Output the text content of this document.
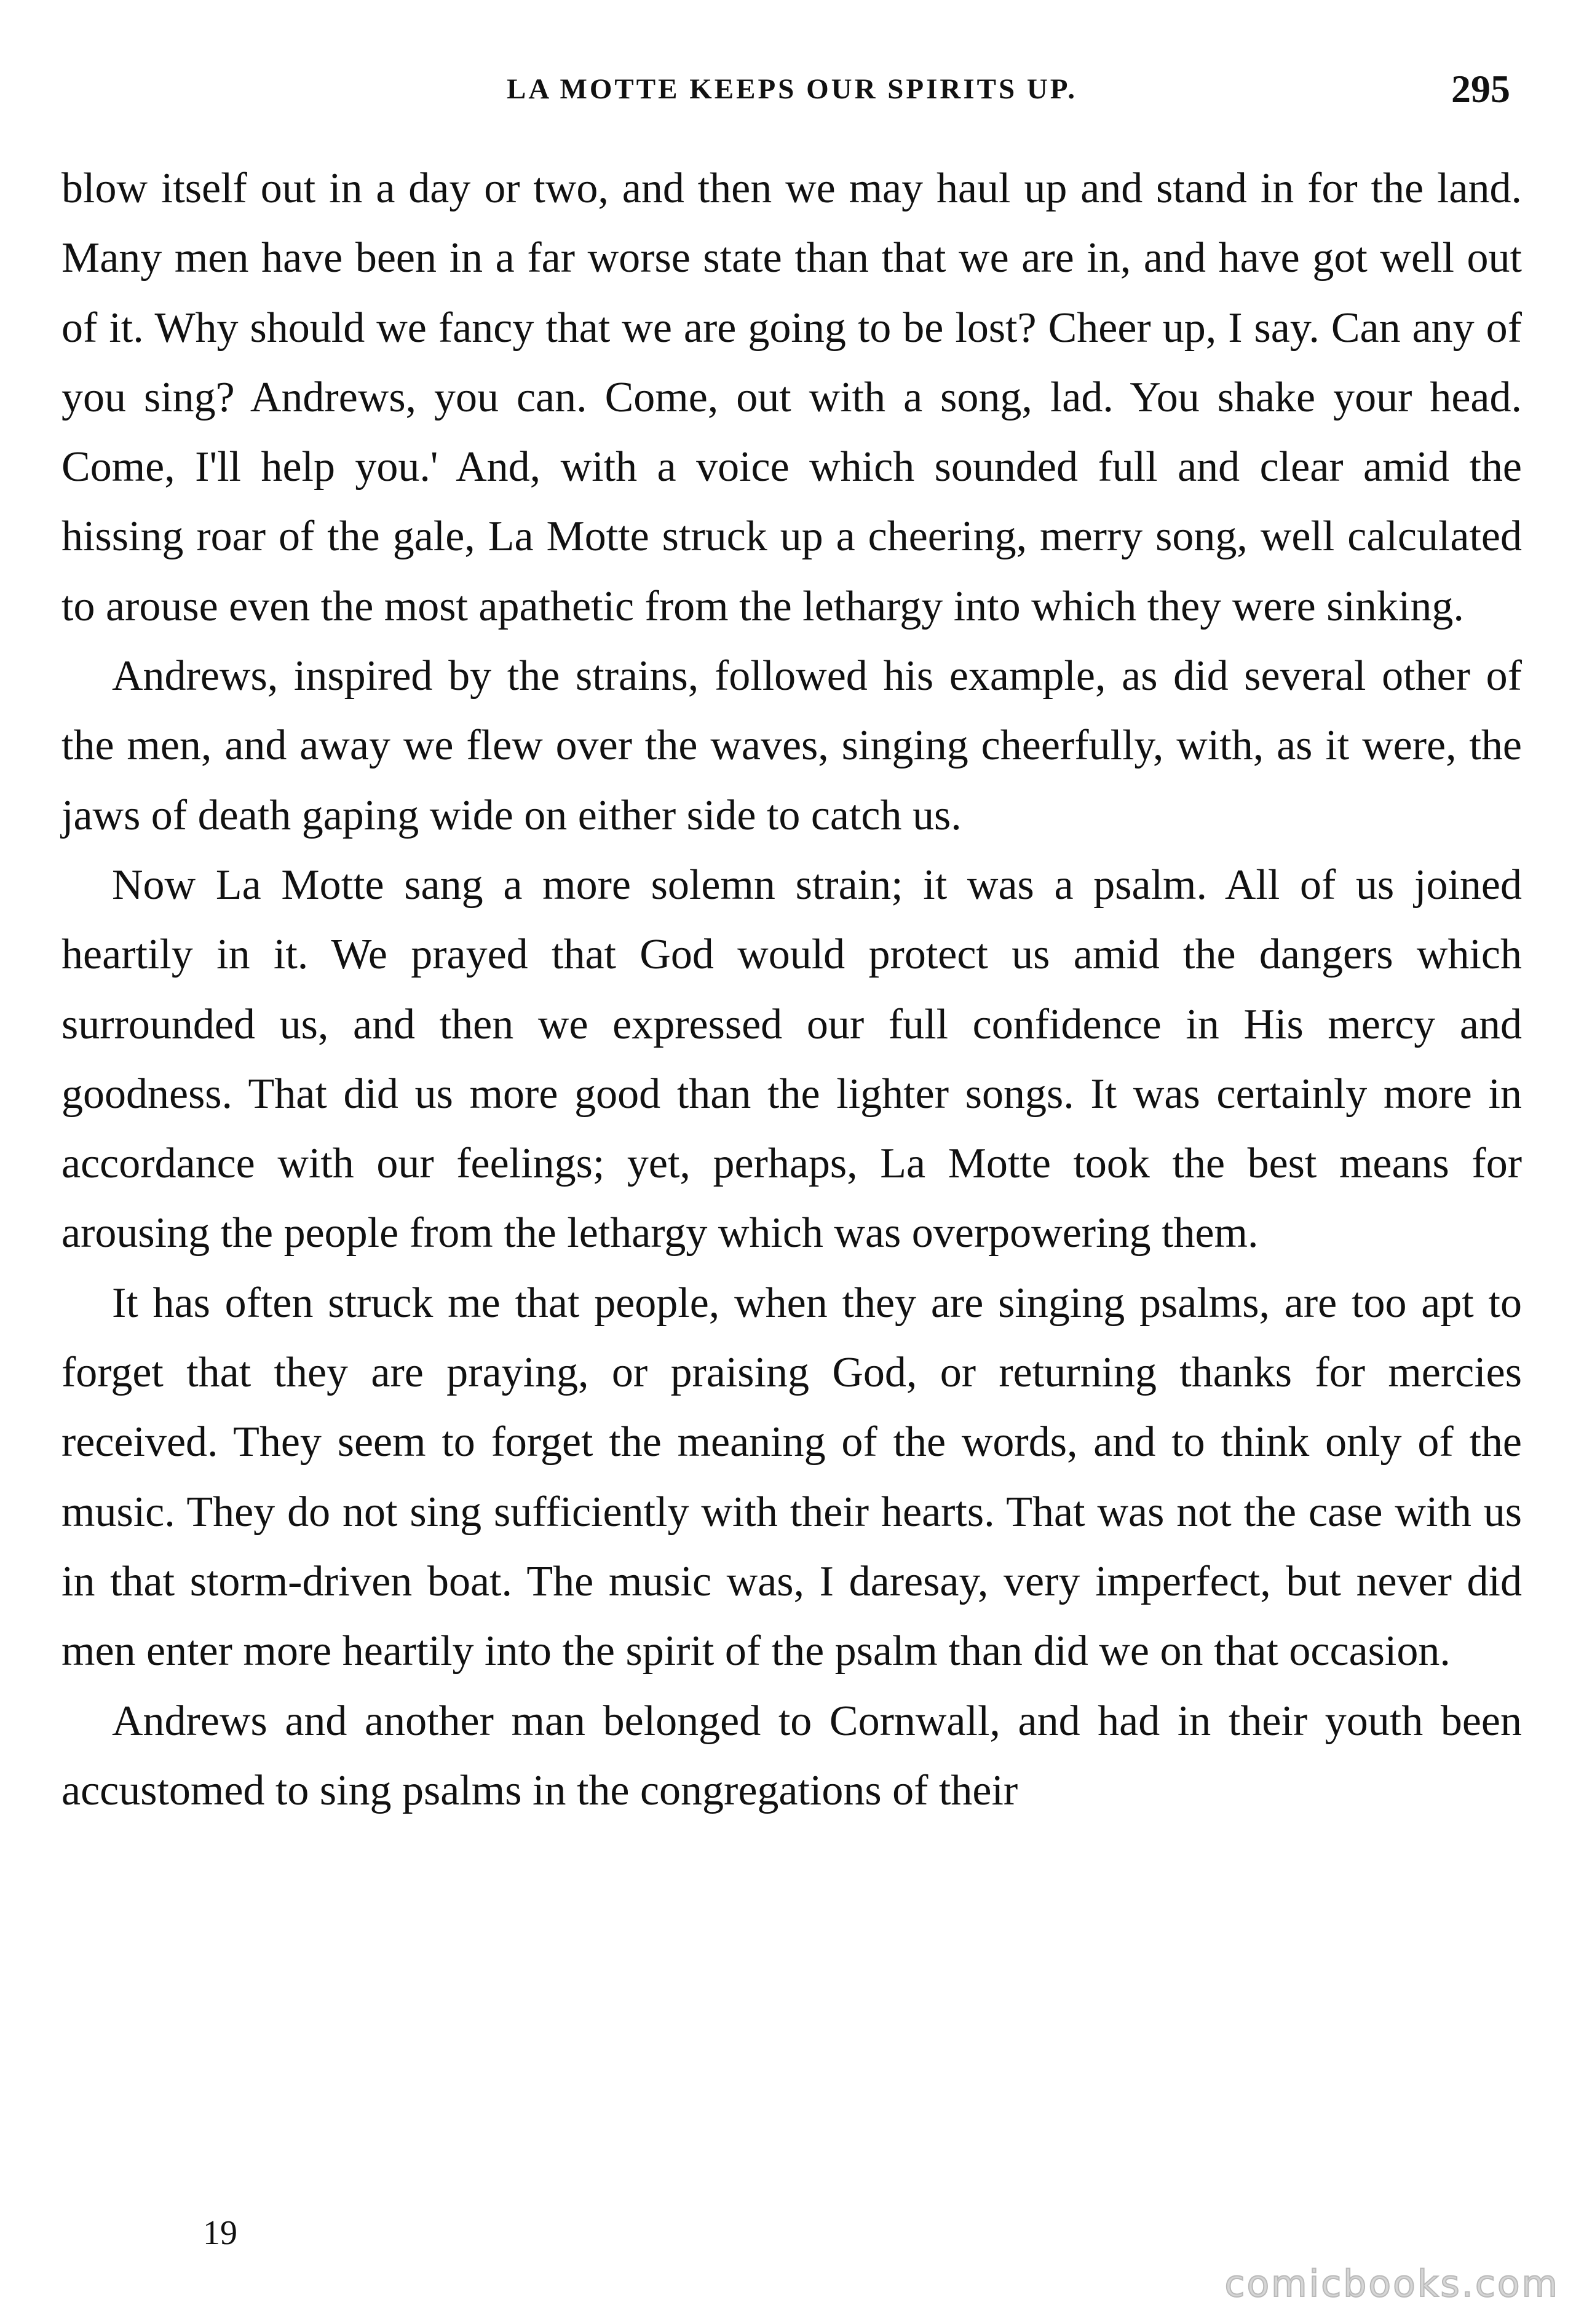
LA MOTTE KEEPS OUR SPIRITS UP.	295

blow itself out in a day or two, and then we may haul up and stand in for the land. Many men have been in a far worse state than that we are in, and have got well out of it. Why should we fancy that we are going to be lost? Cheer up, I say. Can any of you sing? Andrews, you can. Come, out with a song, lad. You shake your head. Come, I'll help you.' And, with a voice which sounded full and clear amid the hissing roar of the gale, La Motte struck up a cheering, merry song, well calculated to arouse even the most apathetic from the lethargy into which they were sinking.

Andrews, inspired by the strains, followed his example, as did several other of the men, and away we flew over the waves, singing cheerfully, with, as it were, the jaws of death gaping wide on either side to catch us.

Now La Motte sang a more solemn strain; it was a psalm. All of us joined heartily in it. We prayed that God would protect us amid the dangers which surrounded us, and then we expressed our full confidence in His mercy and goodness. That did us more good than the lighter songs. It was certainly more in accordance with our feelings; yet, perhaps, La Motte took the best means for arousing the people from the lethargy which was overpowering them.

It has often struck me that people, when they are singing psalms, are too apt to forget that they are praying, or praising God, or returning thanks for mercies received. They seem to forget the meaning of the words, and to think only of the music. They do not sing sufficiently with their hearts. That was not the case with us in that storm-driven boat. The music was, I daresay, very imperfect, but never did men enter more heartily into the spirit of the psalm than did we on that occasion.

Andrews and another man belonged to Cornwall, and had in their youth been accustomed to sing psalms in the congregations of their

19
comicbooks.com
